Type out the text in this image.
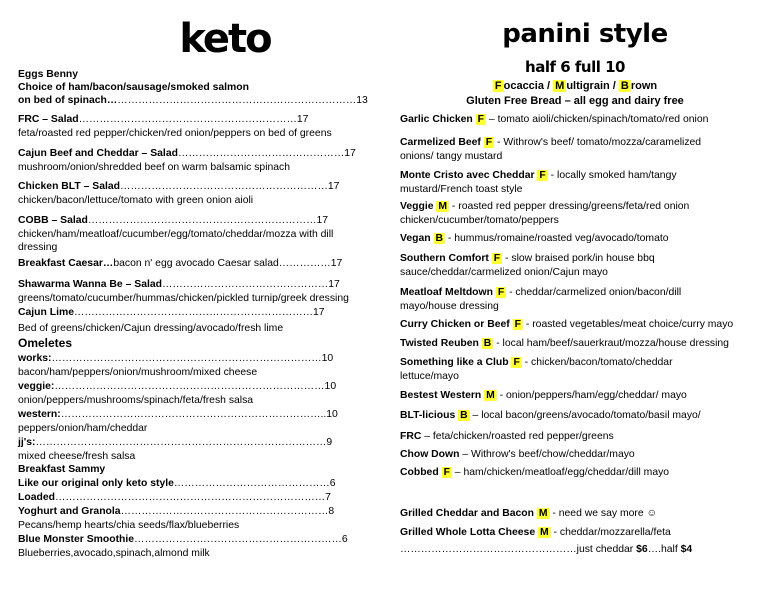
keto	panini style
Eggs Benny
Choice of ham/bacon/sausage/smoked salmon
on bed of spinach………………………………………………………………13
FRC – Salad………………………………………………………17
feta/roasted red pepper/chicken/red onion/peppers on bed of greens
Cajun Beef and Cheddar – Salad…………………………………………17
mushroom/onion/shredded beef on warm balsamic spinach
Chicken BLT – Salad……………………………………………………17
chicken/bacon/lettuce/tomato with green onion aioli
COBB – Salad…………………………………………………………17
chicken/ham/meatloaf/cucumber/egg/tomato/cheddar/mozza with dill
dressing
Breakfast Caesar…bacon n' egg avocado Caesar salad……………17
Shawarma Wanna Be – Salad…………………………………………17
greens/tomato/cucumber/hummas/chicken/pickled turnip/greek dressing
Cajun Lime……………………………………………………………17
Bed of greens/chicken/Cajun dressing/avocado/fresh lime
Omeletes
works:……………………………………………………………………10
bacon/ham/peppers/onion/mushroom/mixed cheese
veggie:……………………………………………………………………10
onion/peppers/mushrooms/spinach/feta/fresh salsa
western:…………………………………………………………………..10
peppers/onion/ham/cheddar
jj's:…………………………………………………………………………9
mixed cheese/fresh salsa
Breakfast Sammy
Like our original only keto style………………………………………6
Loaded……………………………………………………………………7
Yoghurt and Granola……………………………………………………8
Pecans/hemp hearts/chia seeds/flax/blueberries
Blue Monster Smoothie……………………………………………………6
Blueberries,avocado,spinach,almond milk
half 6 full 10
F ocaccia / M ultigrain / B rown
Gluten Free Bread – all egg and dairy free
Garlic Chicken F – tomato aioli/chicken/spinach/tomato/red onion
Carmelized Beef F - Withrow's beef/ tomato/mozza/caramelized
onions/ tangy mustard
Monte Cristo avec Cheddar F - locally smoked ham/tangy
mustard/French toast style
Veggie M - roasted red pepper dressing/greens/feta/red onion
chicken/cucumber/tomato/peppers
Vegan B - hummus/romaine/roasted veg/avocado/tomato
Southern Comfort F - slow braised pork/in house bbq
sauce/cheddar/carmelized onion/Cajun mayo
Meatloaf Meltdown F - cheddar/carmelized onion/bacon/dill
mayo/house dressing
Curry Chicken or Beef F - roasted vegetables/meat choice/curry mayo
Twisted Reuben B - local ham/beef/sauerkraut/mozza/house dressing
Something like a Club F - chicken/bacon/tomato/cheddar
lettuce/mayo
Bestest Western M - onion/peppers/ham/egg/cheddar/ mayo
BLT-licious B – local bacon/greens/avocado/tomato/basil mayo/
FRC – feta/chicken/roasted red pepper/greens
Chow Down – Withrow's beef/chow/cheddar/mayo
Cobbed F – ham/chicken/meatloaf/egg/cheddar/dill mayo
Grilled Cheddar and Bacon M - need we say more ☺
Grilled Whole Lotta Cheese M - cheddar/mozzarella/feta
……………………………………………just cheddar $6….half $4
